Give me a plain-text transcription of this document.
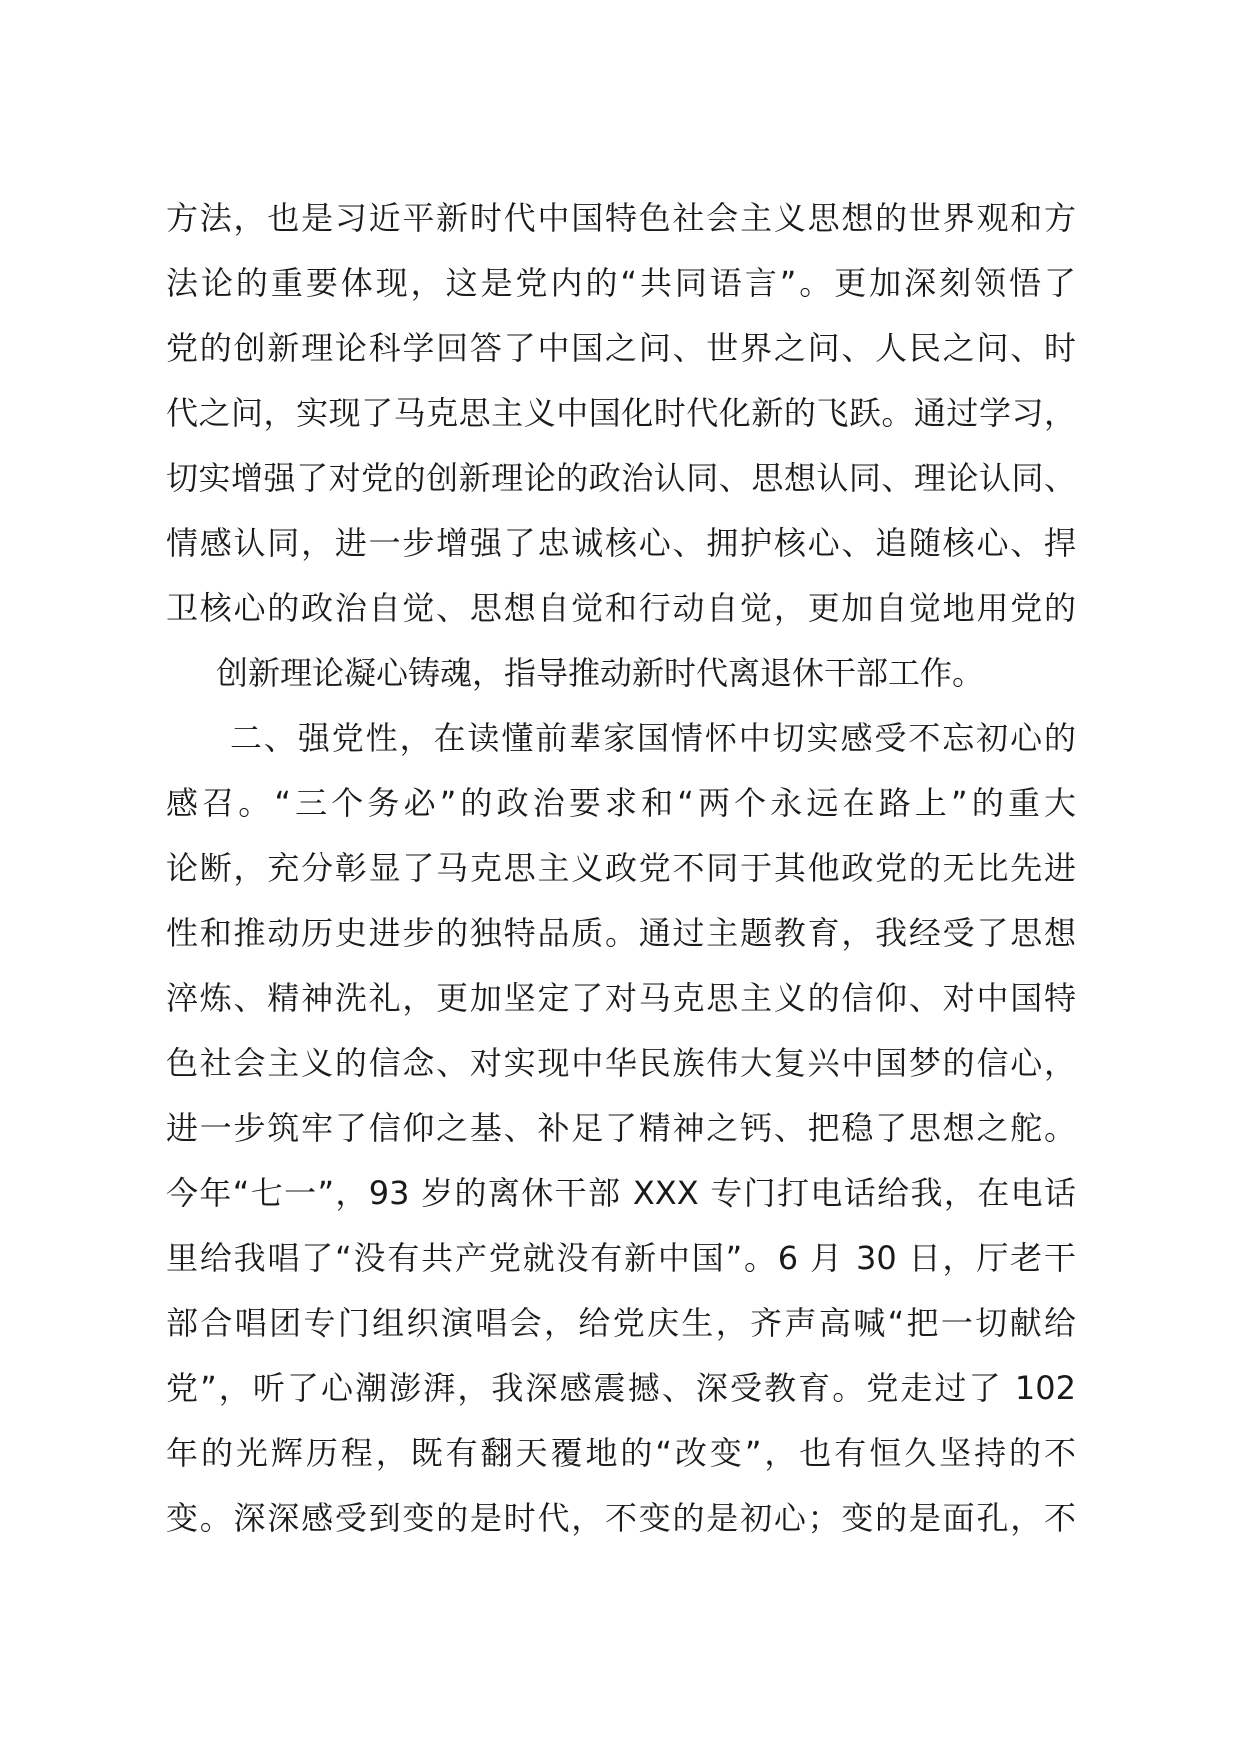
方法，也是习近平新时代中国特色社会主义思想的世界观和方
法论的重要体现，这是党内的“共同语言”。更加深刻领悟了
党的创新理论科学回答了中国之问、世界之问、人民之问、时
代之问，实现了马克思主义中国化时代化新的飞跃。通过学习，
切实增强了对党的创新理论的政治认同、思想认同、理论认同、
情感认同，进一步增强了忠诚核心、拥护核心、追随核心、捍
卫核心的政治自觉、思想自觉和行动自觉，更加自觉地用党的
创新理论凝心铸魂，指导推动新时代离退休干部工作。
二、强党性，在读懂前辈家国情怀中切实感受不忘初心的
感召。“三个务必”的政治要求和“两个永远在路上”的重大
论断，充分彰显了马克思主义政党不同于其他政党的无比先进
性和推动历史进步的独特品质。通过主题教育，我经受了思想
淬炼、精神洗礼，更加坚定了对马克思主义的信仰、对中国特
色社会主义的信念、对实现中华民族伟大复兴中国梦的信心，
进一步筑牢了信仰之基、补足了精神之钙、把稳了思想之舵。
今年“七一”，93 岁的离休干部 XXX 专门打电话给我，在电话
里给我唱了“没有共产党就没有新中国”。6 月 30 日，厅老干
部合唱团专门组织演唱会，给党庆生，齐声高喊“把一切献给
党”，听了心潮澎湃，我深感震撼、深受教育。党走过了 102
年的光辉历程，既有翻天覆地的“改变”，也有恒久坚持的不
变。深深感受到变的是时代，不变的是初心；变的是面孔，不
